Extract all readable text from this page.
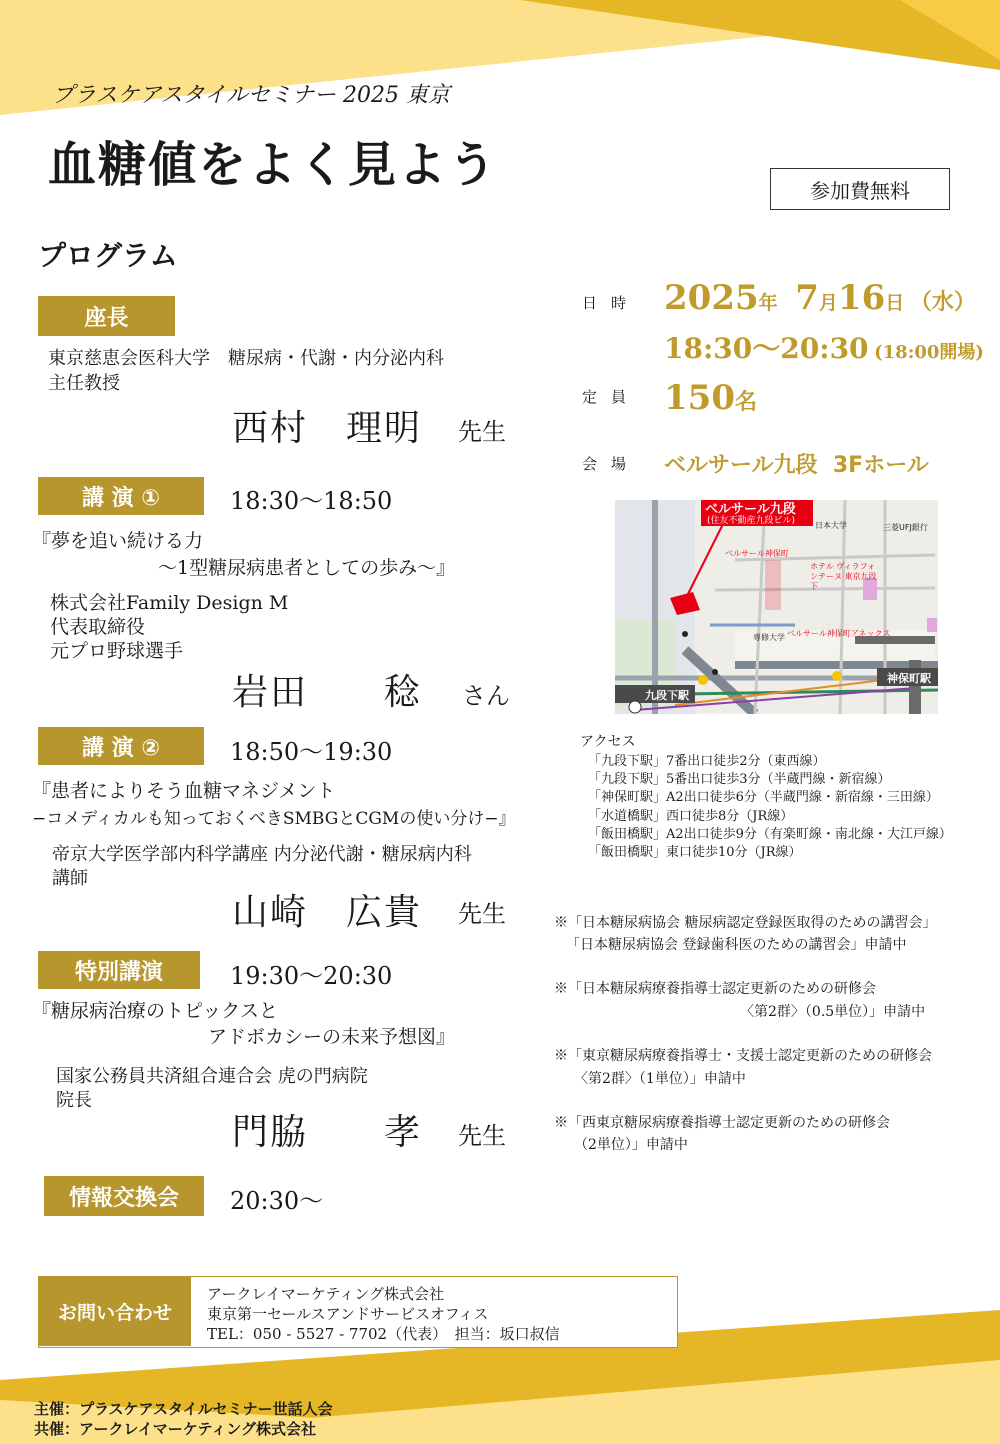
プラスケアスタイルセミナー 2025 東京
血糖値をよく見よう	参加費無料
プログラム
座長
東京慈恵会医科大学　糖尿病・代謝・内分泌内科
主任教授
西村　理明 先生
講 演 ①	18:30～18:50
『夢を追い続ける力
～1型糖尿病患者としての歩み～』
株式会社Family Design M
代表取締役
元プロ野球選手
岩田　　稔 さん
講 演 ②	18:50～19:30
『患者によりそう血糖マネジメント
−コメディカルも知っておくべきSMBGとCGMの使い分け−』
帝京大学医学部内科学講座 内分泌代謝・糖尿病内科
講師
山崎　広貴 先生
特別講演	19:30～20:30
『糖尿病治療のトピックスと
アドボカシーの未来予想図』
国家公務員共済組合連合会 虎の門病院
院長
門脇　　孝 先生
情報交換会	20:30～
日時 2025年 7月16日 （水）
18:30～20:30 (18:00開場)
定員 150名
会場 ベルサール九段  3Fホール
ベルサール九段
(住友不動産九段ビル)
九段下駅
神保町駅
日本大学	三菱UFJ銀行
ベルサール神保町
ホテル ヴィラフォンテーヌ 東京九段下
ベルサール神保町アネックス
専修大学
アクセス
「九段下駅」7番出口徒歩2分（東西線）
「九段下駅」5番出口徒歩3分（半蔵門線・新宿線）
「神保町駅」A2出口徒歩6分（半蔵門線・新宿線・三田線）
「水道橋駅」西口徒歩8分（JR線）
「飯田橋駅」A2出口徒歩9分（有楽町線・南北線・大江戸線）
「飯田橋駅」東口徒歩10分（JR線）
※「日本糖尿病協会 糖尿病認定登録医取得のための講習会」
「日本糖尿病協会 登録歯科医のための講習会」申請中
※「日本糖尿病療養指導士認定更新のための研修会
〈第2群〉（0.5単位）」申請中
※「東京糖尿病療養指導士・支援士認定更新のための研修会
〈第2群〉（1単位）」申請中
※「西東京糖尿病療養指導士認定更新のための研修会
（2単位）」申請中
お問い合わせ
アークレイマーケティング株式会社
東京第一セールスアンドサービスオフィス
TEL：050 - 5527 - 7702（代表）　担当：坂口叔信
主催：プラスケアスタイルセミナー世話人会
共催：アークレイマーケティング株式会社
